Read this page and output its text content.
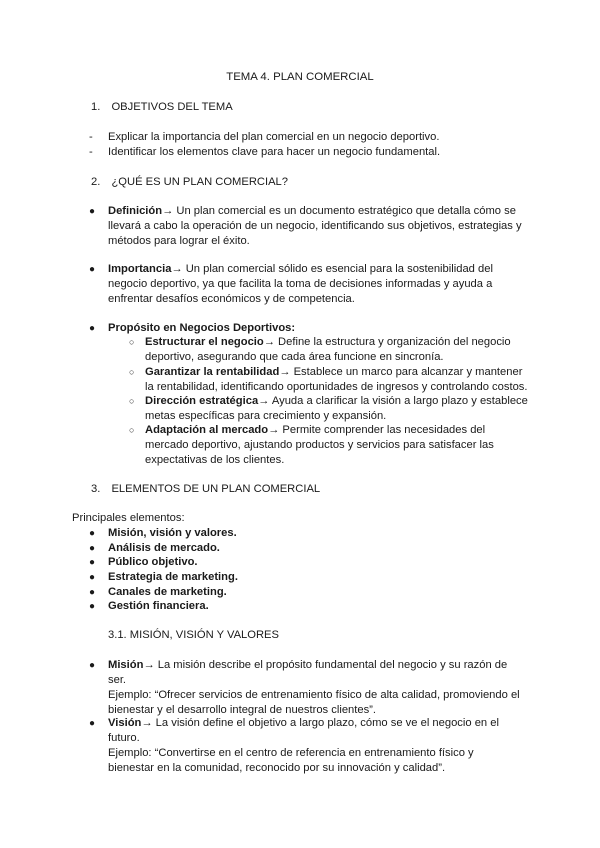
TEMA 4. PLAN COMERCIAL
1. OBJETIVOS DEL TEMA
-	Explicar la importancia del plan comercial en un negocio deportivo.
-	Identificar los elementos clave para hacer un negocio fundamental.
2. ¿QUÉ ES UN PLAN COMERCIAL?
● Definición→ Un plan comercial es un documento estratégico que detalla cómo se llevará a cabo la operación de un negocio, identificando sus objetivos, estrategias y métodos para lograr el éxito.
● Importancia→ Un plan comercial sólido es esencial para la sostenibilidad del negocio deportivo, ya que facilita la toma de decisiones informadas y ayuda a enfrentar desafíos económicos y de competencia.
● Propósito en Negocios Deportivos:
○ Estructurar el negocio→ Define la estructura y organización del negocio deportivo, asegurando que cada área funcione en sincronía.
○ Garantizar la rentabilidad→ Establece un marco para alcanzar y mantener la rentabilidad, identificando oportunidades de ingresos y controlando costos.
○ Dirección estratégica→ Ayuda a clarificar la visión a largo plazo y establece metas específicas para crecimiento y expansión.
○ Adaptación al mercado→ Permite comprender las necesidades del mercado deportivo, ajustando productos y servicios para satisfacer las expectativas de los clientes.
3. ELEMENTOS DE UN PLAN COMERCIAL
Principales elementos:
● Misión, visión y valores.
● Análisis de mercado.
● Público objetivo.
● Estrategia de marketing.
● Canales de marketing.
● Gestión financiera.
3.1. MISIÓN, VISIÓN Y VALORES
● Misión→ La misión describe el propósito fundamental del negocio y su razón de ser.
Ejemplo: “Ofrecer servicios de entrenamiento físico de alta calidad, promoviendo el bienestar y el desarrollo integral de nuestros clientes”.
● Visión→ La visión define el objetivo a largo plazo, cómo se ve el negocio en el futuro.
Ejemplo: “Convertirse en el centro de referencia en entrenamiento físico y bienestar en la comunidad, reconocido por su innovación y calidad”.
